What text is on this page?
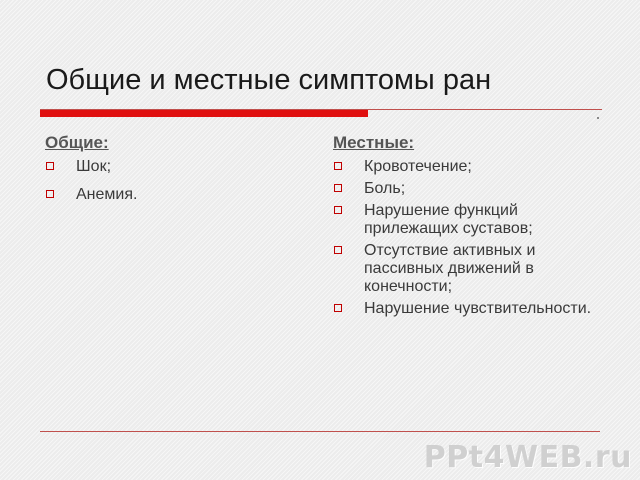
Общие и местные симптомы ран
Общие:
Шок;
Анемия.
Местные:
Кровотечение;
Боль;
Нарушение функций прилежащих суставов;
Отсутствие активных и пассивных движений в конечности;
Нарушение чувствительности.
PPt4WEB.ru
